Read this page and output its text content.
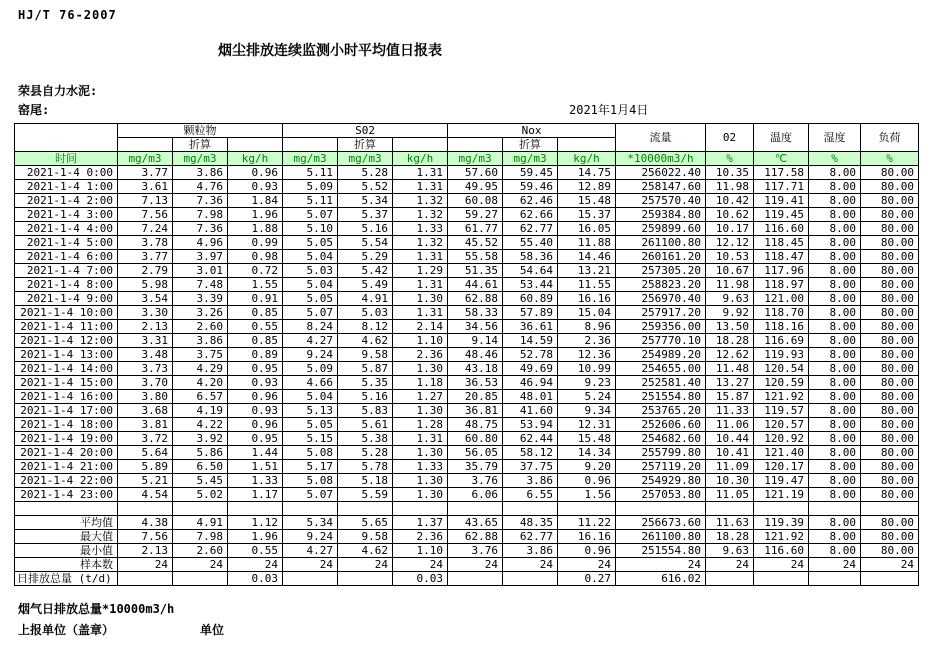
HJ/T 76-2007
烟尘排放连续监测小时平均值日报表
荣县自力水泥:
窑尾:	2021年1月4日
	颗粒物			S02			Nox			流量	02	温度	湿度	负荷
		折算			折算			折算						
时间	mg/m3	mg/m3	kg/h	mg/m3	mg/m3	kg/h	mg/m3	mg/m3	kg/h	*10000m3/h	%	℃	%	%
2021-1-4 0:00	3.77	3.86	0.96	5.11	5.28	1.31	57.60	59.45	14.75	256022.40	10.35	117.58	8.00	80.00
2021-1-4 1:00	3.61	4.76	0.93	5.09	5.52	1.31	49.95	59.46	12.89	258147.60	11.98	117.71	8.00	80.00
2021-1-4 2:00	7.13	7.36	1.84	5.11	5.34	1.32	60.08	62.46	15.48	257570.40	10.42	119.41	8.00	80.00
2021-1-4 3:00	7.56	7.98	1.96	5.07	5.37	1.32	59.27	62.66	15.37	259384.80	10.62	119.45	8.00	80.00
2021-1-4 4:00	7.24	7.36	1.88	5.10	5.16	1.33	61.77	62.77	16.05	259899.60	10.17	116.60	8.00	80.00
2021-1-4 5:00	3.78	4.96	0.99	5.05	5.54	1.32	45.52	55.40	11.88	261100.80	12.12	118.45	8.00	80.00
2021-1-4 6:00	3.77	3.97	0.98	5.04	5.29	1.31	55.58	58.36	14.46	260161.20	10.53	118.47	8.00	80.00
2021-1-4 7:00	2.79	3.01	0.72	5.03	5.42	1.29	51.35	54.64	13.21	257305.20	10.67	117.96	8.00	80.00
2021-1-4 8:00	5.98	7.48	1.55	5.04	5.49	1.31	44.61	53.44	11.55	258823.20	11.98	118.97	8.00	80.00
2021-1-4 9:00	3.54	3.39	0.91	5.05	4.91	1.30	62.88	60.89	16.16	256970.40	9.63	121.00	8.00	80.00
2021-1-4 10:00	3.30	3.26	0.85	5.07	5.03	1.31	58.33	57.89	15.04	257917.20	9.92	118.70	8.00	80.00
2021-1-4 11:00	2.13	2.60	0.55	8.24	8.12	2.14	34.56	36.61	8.96	259356.00	13.50	118.16	8.00	80.00
2021-1-4 12:00	3.31	3.86	0.85	4.27	4.62	1.10	9.14	14.59	2.36	257770.10	18.28	116.69	8.00	80.00
2021-1-4 13:00	3.48	3.75	0.89	9.24	9.58	2.36	48.46	52.78	12.36	254989.20	12.62	119.93	8.00	80.00
2021-1-4 14:00	3.73	4.29	0.95	5.09	5.87	1.30	43.18	49.69	10.99	254655.00	11.48	120.54	8.00	80.00
2021-1-4 15:00	3.70	4.20	0.93	4.66	5.35	1.18	36.53	46.94	9.23	252581.40	13.27	120.59	8.00	80.00
2021-1-4 16:00	3.80	6.57	0.96	5.04	5.16	1.27	20.85	48.01	5.24	251554.80	15.87	121.92	8.00	80.00
2021-1-4 17:00	3.68	4.19	0.93	5.13	5.83	1.30	36.81	41.60	9.34	253765.20	11.33	119.57	8.00	80.00
2021-1-4 18:00	3.81	4.22	0.96	5.05	5.61	1.28	48.75	53.94	12.31	252606.60	11.06	120.57	8.00	80.00
2021-1-4 19:00	3.72	3.92	0.95	5.15	5.38	1.31	60.80	62.44	15.48	254682.60	10.44	120.92	8.00	80.00
2021-1-4 20:00	5.64	5.86	1.44	5.08	5.28	1.30	56.05	58.12	14.34	255799.80	10.41	121.40	8.00	80.00
2021-1-4 21:00	5.89	6.50	1.51	5.17	5.78	1.33	35.79	37.75	9.20	257119.20	11.09	120.17	8.00	80.00
2021-1-4 22:00	5.21	5.45	1.33	5.08	5.18	1.30	3.76	3.86	0.96	254929.80	10.30	119.47	8.00	80.00
2021-1-4 23:00	4.54	5.02	1.17	5.07	5.59	1.30	6.06	6.55	1.56	257053.80	11.05	121.19	8.00	80.00

平均值	4.38	4.91	1.12	5.34	5.65	1.37	43.65	48.35	11.22	256673.60	11.63	119.39	8.00	80.00
最大值	7.56	7.98	1.96	9.24	9.58	2.36	62.88	62.77	16.16	261100.80	18.28	121.92	8.00	80.00
最小值	2.13	2.60	0.55	4.27	4.62	1.10	3.76	3.86	0.96	251554.80	9.63	116.60	8.00	80.00
样本数	24	24	24	24	24	24	24	24	24	24	24	24	24	24
日排放总量 (t/d)			0.03			0.03			0.27	616.02				
烟气日排放总量*10000m3/h
上报单位（盖章）	单位
